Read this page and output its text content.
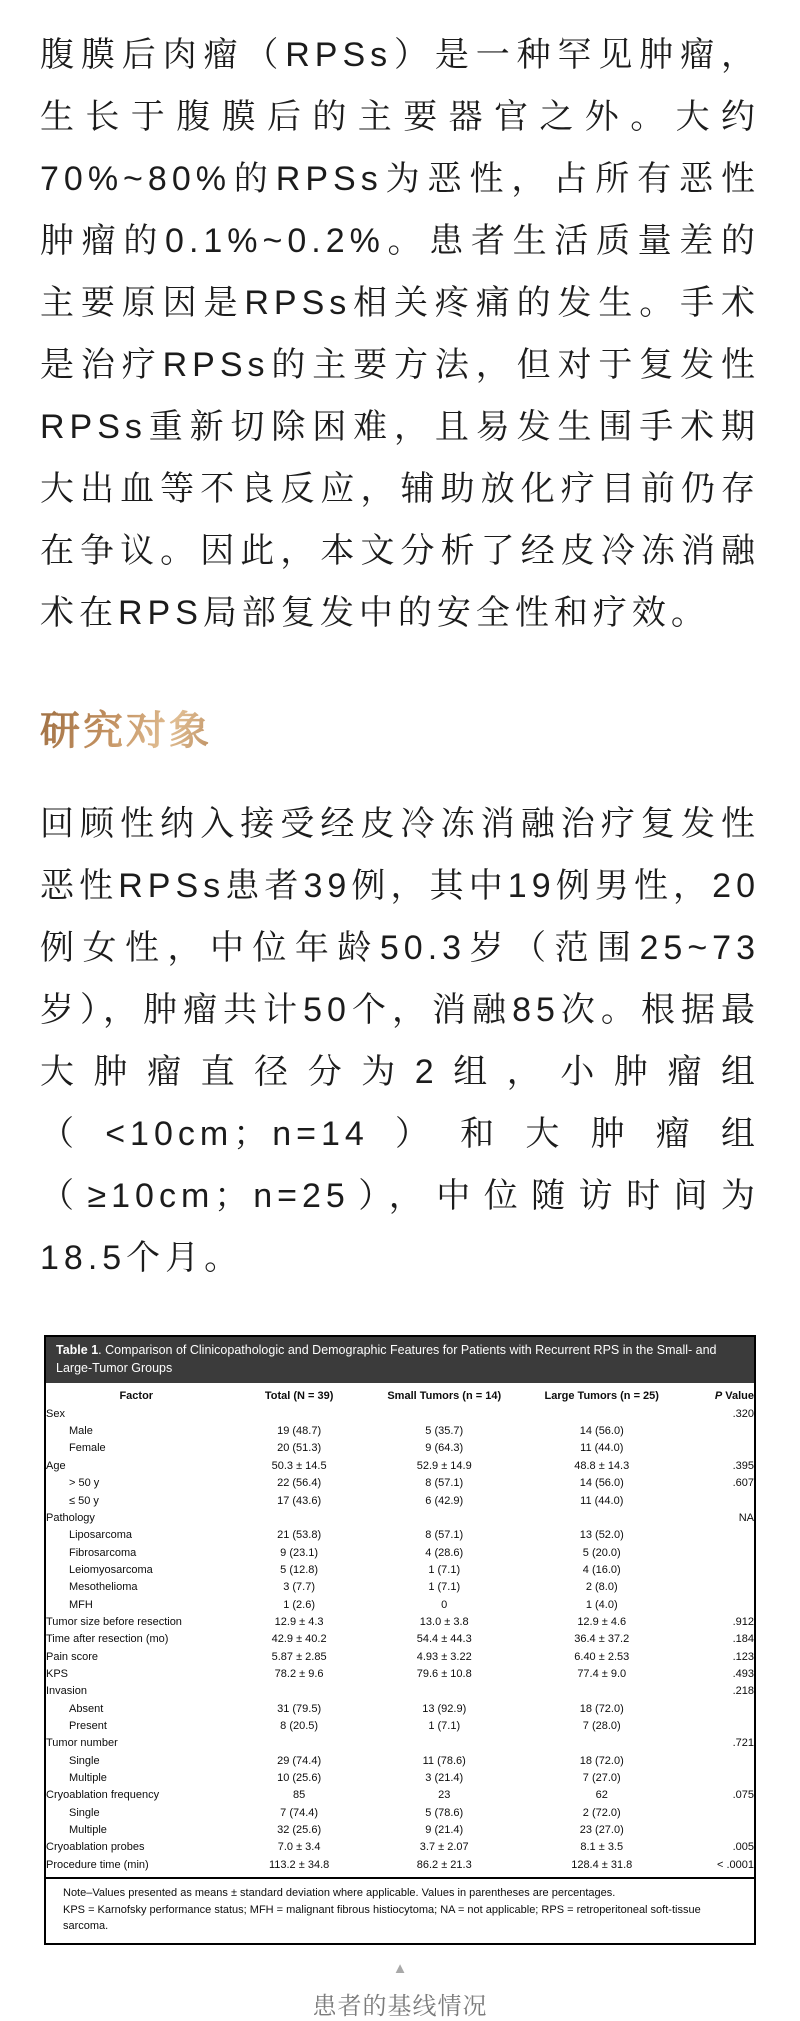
腹膜后肉瘤（RPSs）是一种罕见肿瘤，生长于腹膜后的主要器官之外。大约70%~80%的RPSs为恶性，占所有恶性肿瘤的0.1%~0.2%。患者生活质量差的主要原因是RPSs相关疼痛的发生。手术是治疗RPSs的主要方法，但对于复发性RPSs重新切除困难，且易发生围手术期大出血等不良反应，辅助放化疗目前仍存在争议。因此，本文分析了经皮冷冻消融术在RPS局部复发中的安全性和疗效。

研究对象

回顾性纳入接受经皮冷冻消融治疗复发性恶性RPSs患者39例，其中19例男性，20例女性，中位年龄50.3岁（范围25~73岁），肿瘤共计50个，消融85次。根据最大肿瘤直径分为2组，小肿瘤组（<10cm；n=14）和大肿瘤组（≥10cm；n=25），中位随访时间为18.5个月。

Table 1. Comparison of Clinicopathologic and Demographic Features for Patients with Recurrent RPS in the Small- and Large-Tumor Groups
Factor	Total (N = 39)	Small Tumors (n = 14)	Large Tumors (n = 25)	P Value
Sex				.320
Male	19 (48.7)	5 (35.7)	14 (56.0)	
Female	20 (51.3)	9 (64.3)	11 (44.0)	
Age	50.3 ± 14.5	52.9 ± 14.9	48.8 ± 14.3	.395
> 50 y	22 (56.4)	8 (57.1)	14 (56.0)	.607
≤ 50 y	17 (43.6)	6 (42.9)	11 (44.0)	
Pathology				NA
Liposarcoma	21 (53.8)	8 (57.1)	13 (52.0)	
Fibrosarcoma	9 (23.1)	4 (28.6)	5 (20.0)	
Leiomyosarcoma	5 (12.8)	1 (7.1)	4 (16.0)	
Mesothelioma	3 (7.7)	1 (7.1)	2 (8.0)	
MFH	1 (2.6)	0	1 (4.0)	
Tumor size before resection	12.9 ± 4.3	13.0 ± 3.8	12.9 ± 4.6	.912
Time after resection (mo)	42.9 ± 40.2	54.4 ± 44.3	36.4 ± 37.2	.184
Pain score	5.87 ± 2.85	4.93 ± 3.22	6.40 ± 2.53	.123
KPS	78.2 ± 9.6	79.6 ± 10.8	77.4 ± 9.0	.493
Invasion				.218
Absent	31 (79.5)	13 (92.9)	18 (72.0)	
Present	8 (20.5)	1 (7.1)	7 (28.0)	
Tumor number				.721
Single	29 (74.4)	11 (78.6)	18 (72.0)	
Multiple	10 (25.6)	3 (21.4)	7 (27.0)	
Cryoablation frequency	85	23	62	.075
Single	7 (74.4)	5 (78.6)	2 (72.0)	
Multiple	32 (25.6)	9 (21.4)	23 (27.0)	
Cryoablation probes	7.0 ± 3.4	3.7 ± 2.07	8.1 ± 3.5	.005
Procedure time (min)	113.2 ± 34.8	86.2 ± 21.3	128.4 ± 31.8	< .0001
Note–Values presented as means ± standard deviation where applicable. Values in parentheses are percentages.
KPS = Karnofsky performance status; MFH = malignant fibrous histiocytoma; NA = not applicable; RPS = retroperitoneal soft-tissue sarcoma.
▲
患者的基线情况
